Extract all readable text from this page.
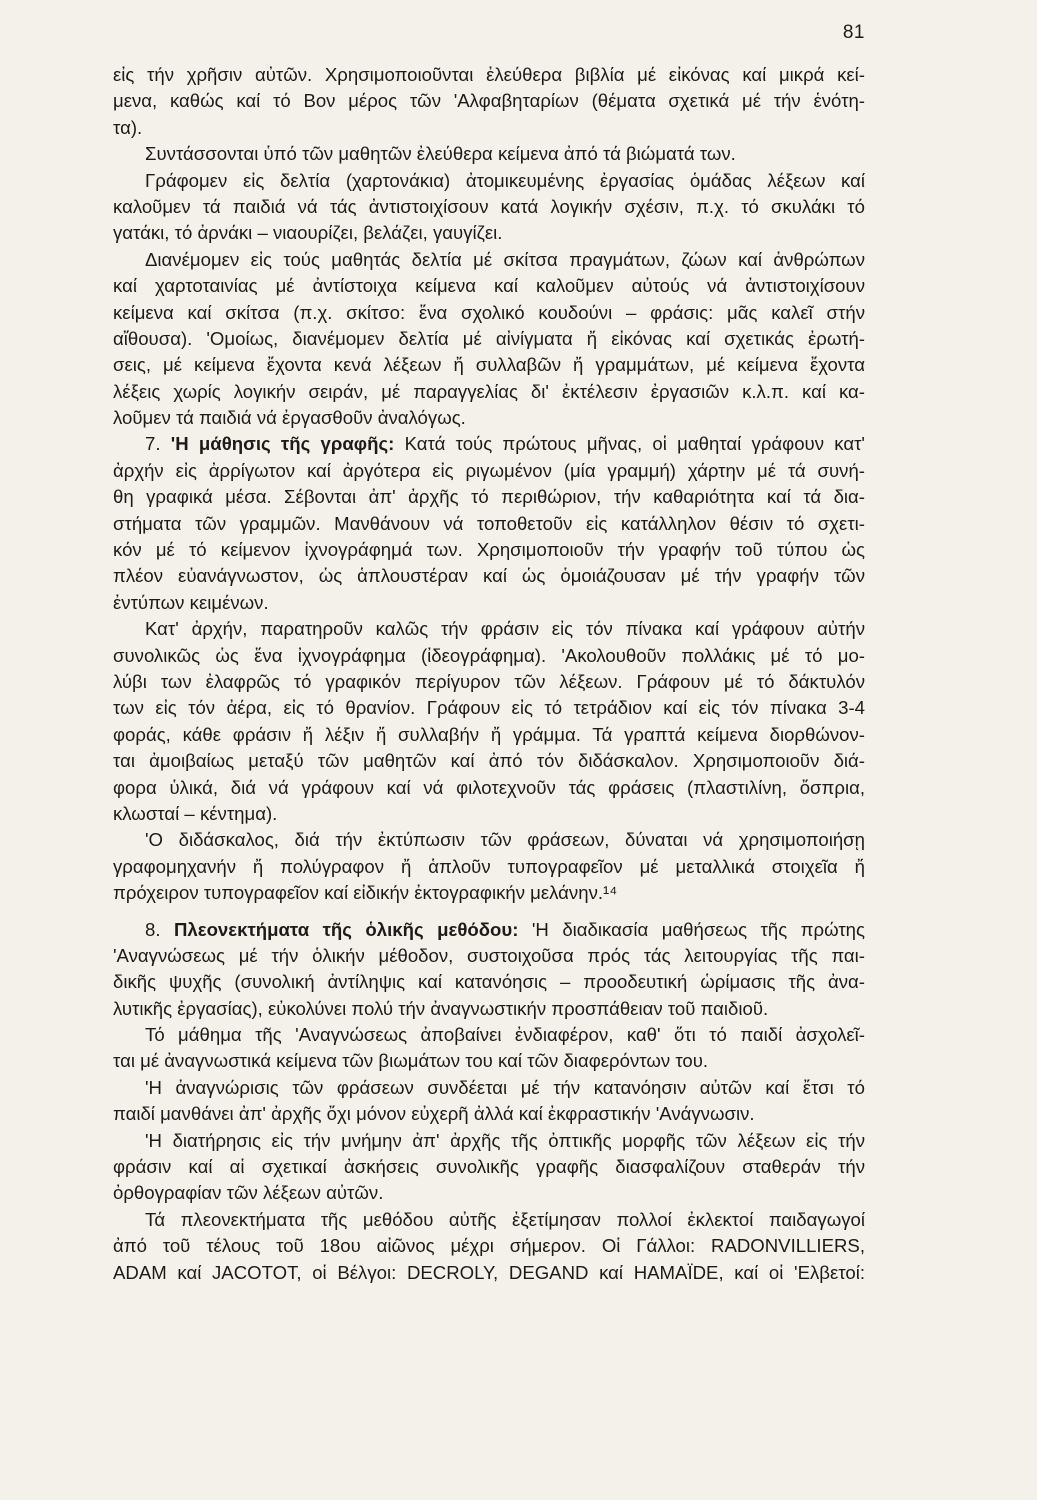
81
εἰς τήν χρῆσιν αὐτῶν. Χρησιμοποιοῦνται ἐλεύθερα βιβλία μέ εἰκόνας καί μικρά κεί-
μενα, καθώς καί τό Βον μέρος τῶν 'Αλφαβηταρίων (θέματα σχετικά μέ τήν ἑνότη-
τα).
Συντάσσονται ὑπό τῶν μαθητῶν ἐλεύθερα κείμενα ἀπό τά βιώματά των.
Γράφομεν εἰς δελτία (χαρτονάκια) ἀτομικευμένης ἐργασίας ὁμάδας λέξεων καί
καλοῦμεν τά παιδιά νά τάς ἀντιστοιχίσουν κατά λογικήν σχέσιν, π.χ. τό σκυλάκι τό
γατάκι, τό ἀρνάκι – νιαουρίζει, βελάζει, γαυγίζει.
Διανέμομεν εἰς τούς μαθητάς δελτία μέ σκίτσα πραγμάτων, ζώων καί ἀνθρώπων
καί χαρτοταινίας μέ ἀντίστοιχα κείμενα καί καλοῦμεν αὐτούς νά ἀντιστοιχίσουν
κείμενα καί σκίτσα (π.χ. σκίτσο: ἕνα σχολικό κουδούνι – φράσις: μᾶς καλεῖ στήν
αἴθουσα). 'Ομοίως, διανέμομεν δελτία μέ αἰνίγματα ἤ εἰκόνας καί σχετικάς ἐρωτή-
σεις, μέ κείμενα ἔχοντα κενά λέξεων ἤ συλλαβῶν ἤ γραμμάτων, μέ κείμενα ἔχοντα
λέξεις χωρίς λογικήν σειράν, μέ παραγγελίας δι' ἐκτέλεσιν ἐργασιῶν κ.λ.π. καί κα-
λοῦμεν τά παιδιά νά ἐργασθοῦν ἀναλόγως.
7. 'Η μάθησις τῆς γραφῆς: Κατά τούς πρώτους μῆνας, οἱ μαθηταί γράφουν κατ'
ἀρχήν εἰς ἀρρίγωτον καί ἀργότερα εἰς ριγωμένον (μία γραμμή) χάρτην μέ τά συνή-
θη γραφικά μέσα. Σέβονται ἀπ' ἀρχῆς τό περιθώριον, τήν καθαριότητα καί τά δια-
στήματα τῶν γραμμῶν. Μανθάνουν νά τοποθετοῦν εἰς κατάλληλον θέσιν τό σχετι-
κόν μέ τό κείμενον ἰχνογράφημά των. Χρησιμοποιοῦν τήν γραφήν τοῦ τύπου ὡς
πλέον εὐανάγνωστον, ὡς ἁπλουστέραν καί ὡς ὁμοιάζουσαν μέ τήν γραφήν τῶν
ἐντύπων κειμένων.
Κατ' ἀρχήν, παρατηροῦν καλῶς τήν φράσιν εἰς τόν πίνακα καί γράφουν αὐτήν
συνολικῶς ὡς ἕνα ἰχνογράφημα (ἰδεογράφημα). 'Ακολουθοῦν πολλάκις μέ τό μο-
λύβι των ἐλαφρῶς τό γραφικόν περίγυρον τῶν λέξεων. Γράφουν μέ τό δάκτυλόν
των εἰς τόν ἀέρα, εἰς τό θρανίον. Γράφουν εἰς τό τετράδιον καί εἰς τόν πίνακα 3-4
φοράς, κάθε φράσιν ἤ λέξιν ἤ συλλαβήν ἤ γράμμα. Τά γραπτά κείμενα διορθώνον-
ται ἀμοιβαίως μεταξύ τῶν μαθητῶν καί ἀπό τόν διδάσκαλον. Χρησιμοποιοῦν διά-
φορα ὑλικά, διά νά γράφουν καί νά φιλοτεχνοῦν τάς φράσεις (πλαστιλίνη, ὄσπρια,
κλωσταί – κέντημα).
'Ο διδάσκαλος, διά τήν ἐκτύπωσιν τῶν φράσεων, δύναται νά χρησιμοποιήσῃ
γραφομηχανήν ἤ πολύγραφον ἤ ἁπλοῦν τυπογραφεῖον μέ μεταλλικά στοιχεῖα ἤ
πρόχειρον τυπογραφεῖον καί εἰδικήν ἐκτογραφικήν μελάνην.¹⁴
8. Πλεονεκτήματα τῆς ὁλικῆς μεθόδου: 'Η διαδικασία μαθήσεως τῆς πρώτης
'Αναγνώσεως μέ τήν ὁλικήν μέθοδον, συστοιχοῦσα πρός τάς λειτουργίας τῆς παι-
δικῆς ψυχῆς (συνολική ἀντίληψις καί κατανόησις – προοδευτική ὡρίμασις τῆς ἀνα-
λυτικῆς ἐργασίας), εὐκολύνει πολύ τήν ἀναγνωστικήν προσπάθειαν τοῦ παιδιοῦ.
Τό μάθημα τῆς 'Αναγνώσεως ἀποβαίνει ἐνδιαφέρον, καθ' ὅτι τό παιδί ἀσχολεῖ-
ται μέ ἀναγνωστικά κείμενα τῶν βιωμάτων του καί τῶν διαφερόντων του.
'Η ἀναγνώρισις τῶν φράσεων συνδέεται μέ τήν κατανόησιν αὐτῶν καί ἔτσι τό
παιδί μανθάνει ἀπ' ἀρχῆς ὄχι μόνον εὐχερῆ ἀλλά καί ἐκφραστικήν 'Ανάγνωσιν.
'Η διατήρησις εἰς τήν μνήμην ἀπ' ἀρχῆς τῆς ὀπτικῆς μορφῆς τῶν λέξεων εἰς τήν
φράσιν καί αἱ σχετικαί ἀσκήσεις συνολικῆς γραφῆς διασφαλίζουν σταθεράν τήν
ὀρθογραφίαν τῶν λέξεων αὐτῶν.
Τά πλεονεκτήματα τῆς μεθόδου αὐτῆς ἐξετίμησαν πολλοί ἐκλεκτοί παιδαγωγοί
ἀπό τοῦ τέλους τοῦ 18ου αἰῶνος μέχρι σήμερον. Οἱ Γάλλοι: RADONVILLIERS,
ADAM καί JACOTOT, οἱ Βέλγοι: DECROLY, DEGAND καί HAMAÏDE, καί οἱ 'Ελβετοί:
